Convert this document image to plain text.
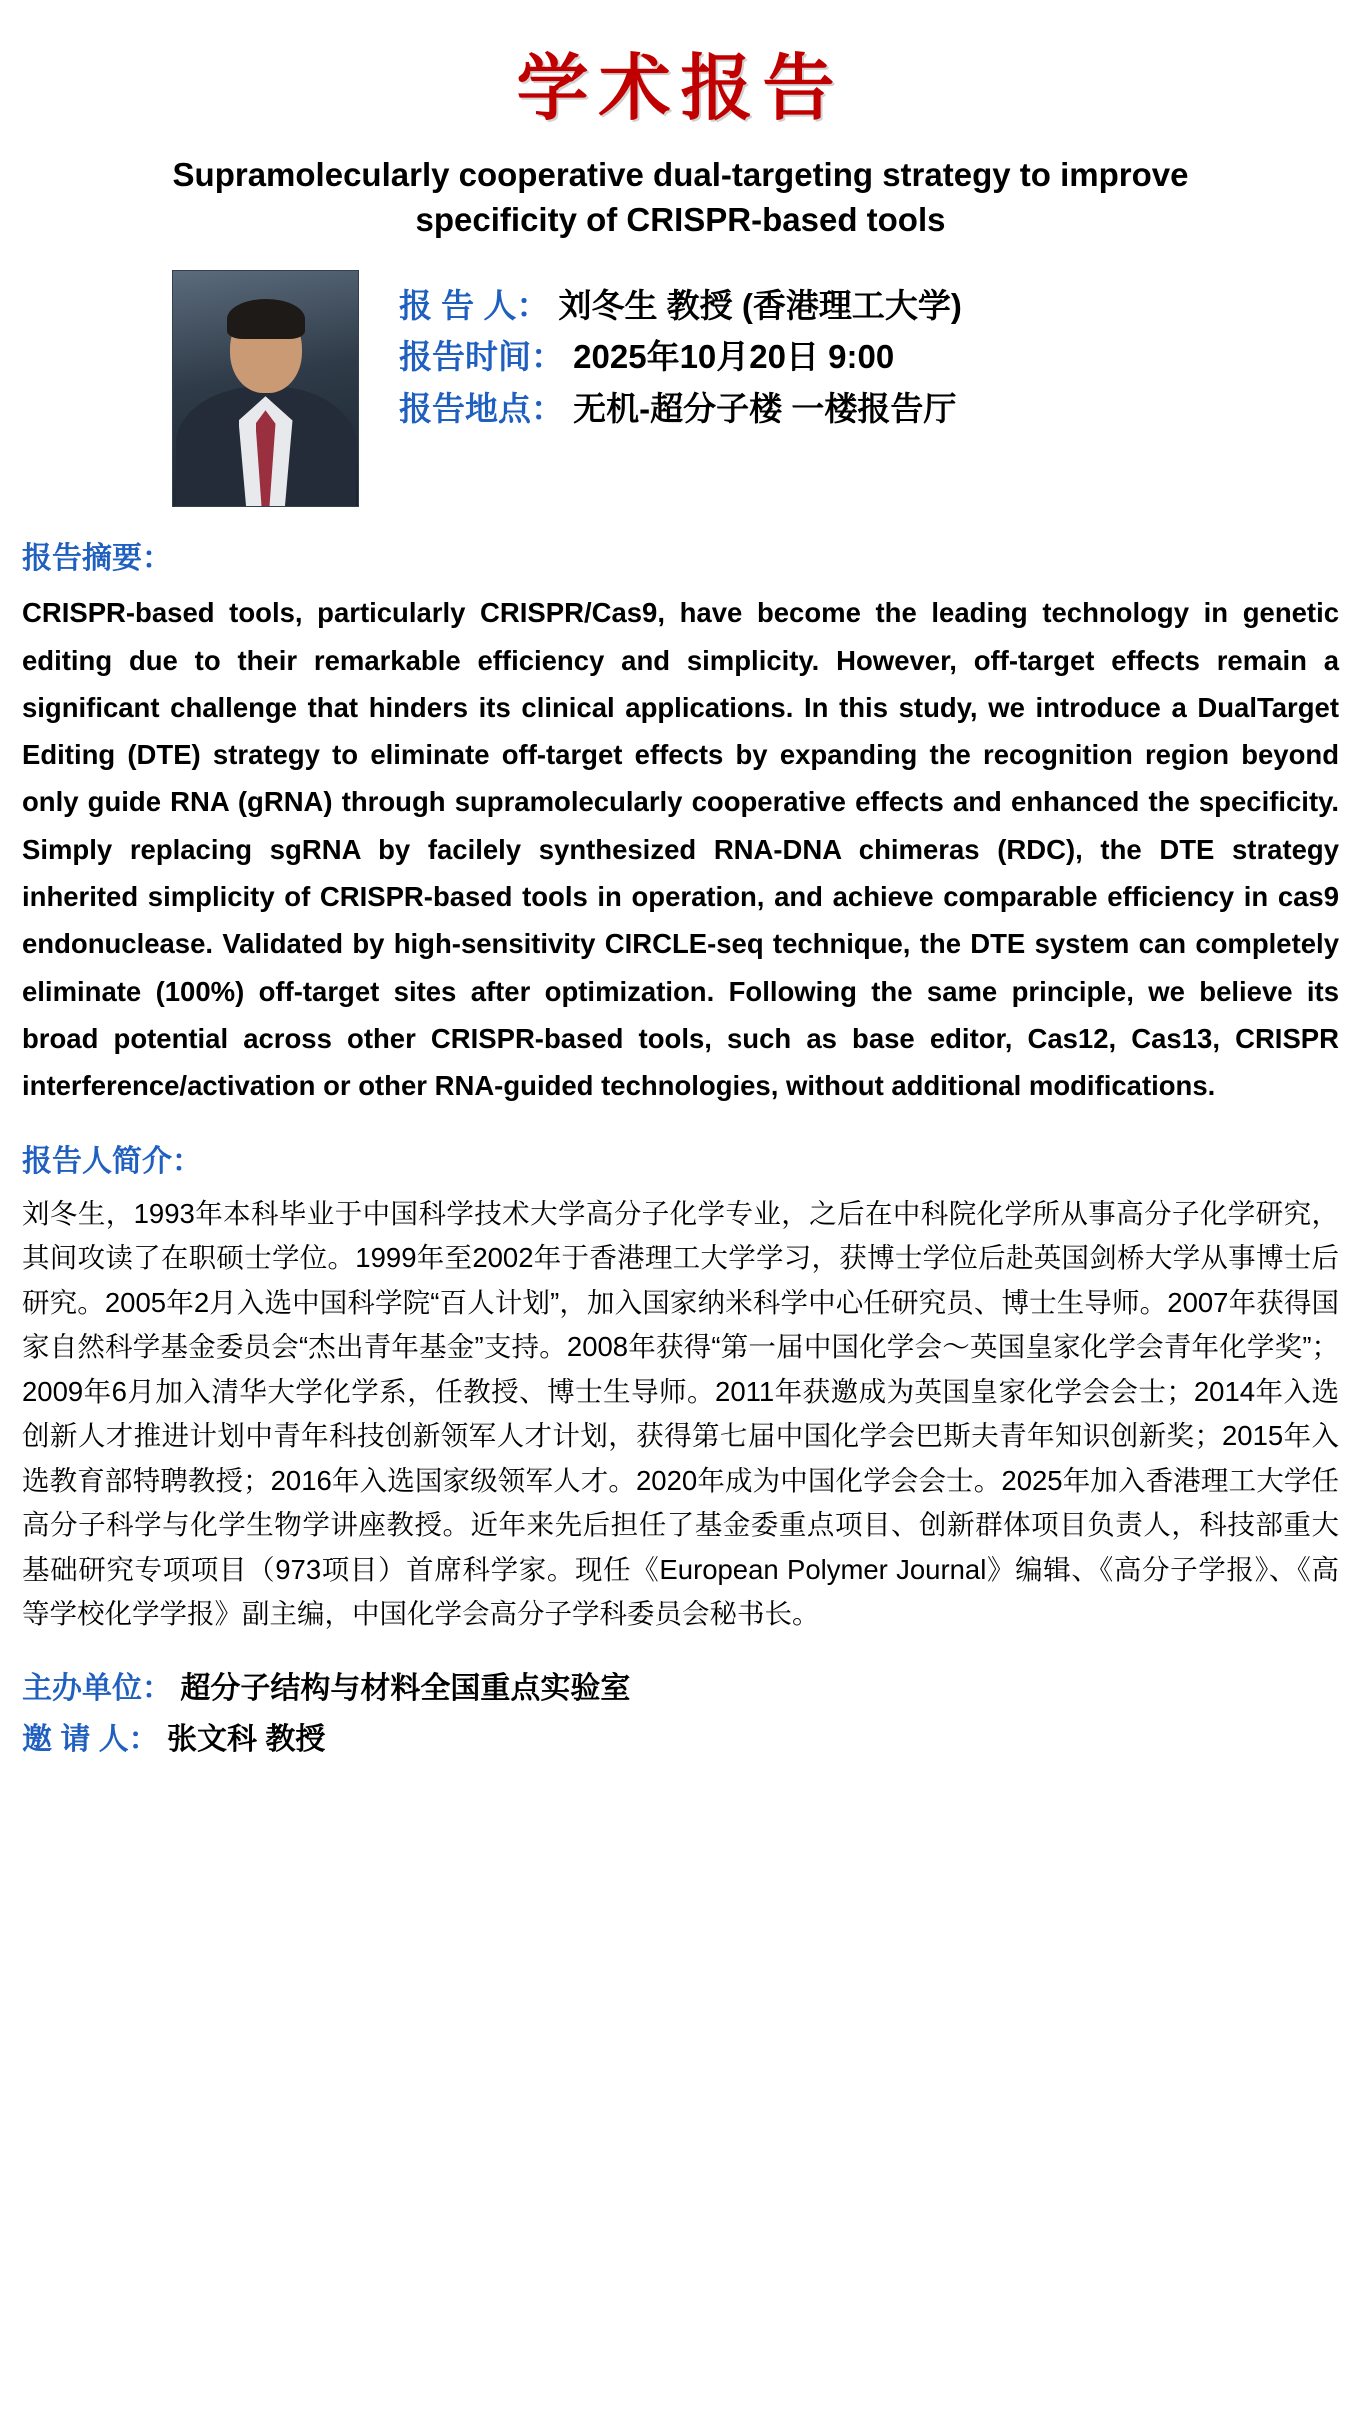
学术报告
Supramolecularly cooperative dual-targeting strategy to improve specificity of CRISPR-based tools
报 告 人： 刘冬生 教授 (香港理工大学)
报告时间： 2025年10月20日 9:00
报告地点： 无机-超分子楼 一楼报告厅
报告摘要：

CRISPR-based tools, particularly CRISPR/Cas9, have become the leading technology in genetic editing due to their remarkable efficiency and simplicity. However, off-target effects remain a significant challenge that hinders its clinical applications. In this study, we introduce a DualTarget Editing (DTE) strategy to eliminate off-target effects by expanding the recognition region beyond only guide RNA (gRNA) through supramolecularly cooperative effects and enhanced the specificity. Simply replacing sgRNA by facilely synthesized RNA-DNA chimeras (RDC), the DTE strategy inherited simplicity of CRISPR-based tools in operation, and achieve comparable efficiency in cas9 endonuclease. Validated by high-sensitivity CIRCLE-seq technique, the DTE system can completely eliminate (100%) off-target sites after optimization. Following the same principle, we believe its broad potential across other CRISPR-based tools, such as base editor, Cas12, Cas13, CRISPR interference/activation or other RNA-guided technologies, without additional modifications.

报告人简介：

刘冬生，1993年本科毕业于中国科学技术大学高分子化学专业，之后在中科院化学所从事高分子化学研究，其间攻读了在职硕士学位。1999年至2002年于香港理工大学学习，获博士学位后赴英国剑桥大学从事博士后研究。2005年2月入选中国科学院“百人计划”，加入国家纳米科学中心任研究员、博士生导师。2007年获得国家自然科学基金委员会“杰出青年基金”支持。2008年获得“第一届中国化学会～英国皇家化学会青年化学奖”； 2009年6月加入清华大学化学系，任教授、博士生导师。2011年获邀成为英国皇家化学会会士；2014年入选创新人才推进计划中青年科技创新领军人才计划，获得第七届中国化学会巴斯夫青年知识创新奖；2015年入选教育部特聘教授；2016年入选国家级领军人才。2020年成为中国化学会会士。2025年加入香港理工大学任高分子科学与化学生物学讲座教授。近年来先后担任了基金委重点项目、创新群体项目负责人，科技部重大基础研究专项项目（973项目）首席科学家。现任《European Polymer Journal》编辑、《高分子学报》、《高等学校化学学报》副主编，中国化学会高分子学科委员会秘书长。

主办单位： 超分子结构与材料全国重点实验室
邀 请 人： 张文科 教授
